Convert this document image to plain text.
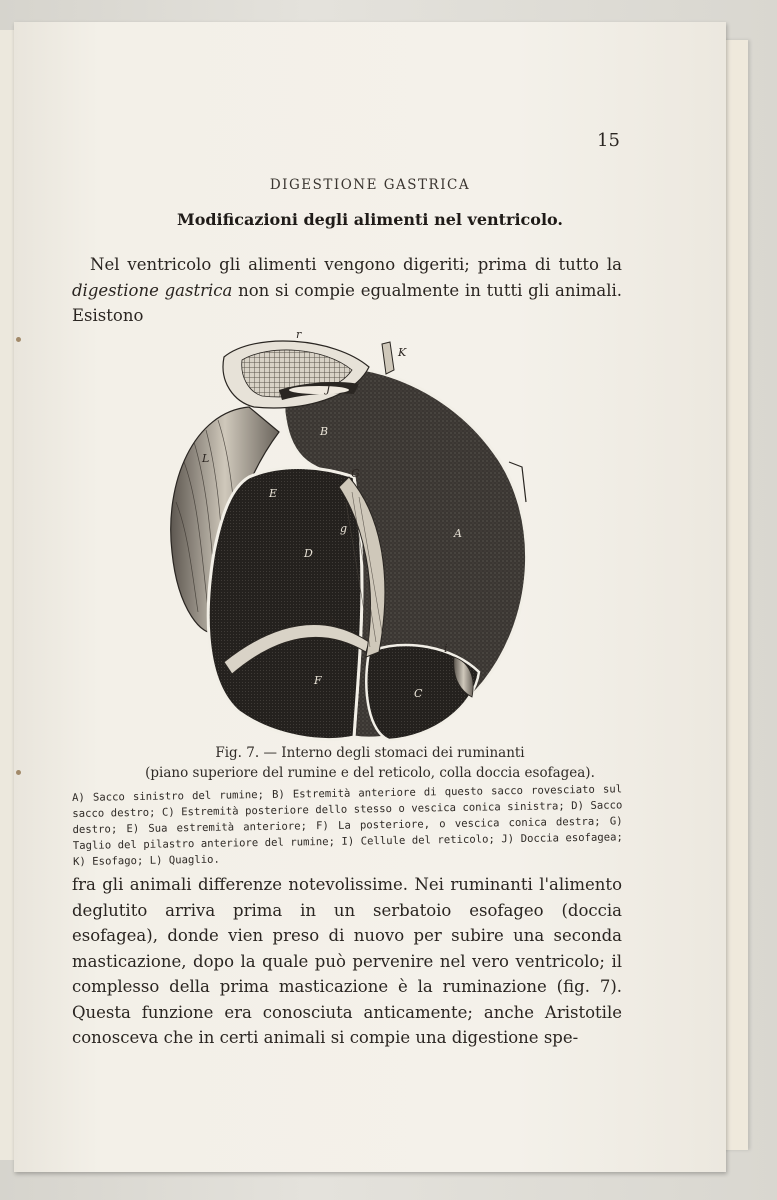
15
DIGESTIONE GASTRICA
Modificazioni degli alimenti nel ventricolo.

Nel ventricolo gli alimenti vengono digeriti; prima di tutto la digestione gastrica non si compie egualmente in tutti gli animali. Esistono

r
K
J
B
L
G
E
A
g
D
h
F
C
i
Fig. 7. — Interno degli stomaci dei ruminanti
(piano superiore del rumine e del reticolo, colla doccia esofagea).

A) Sacco sinistro del rumine; B) Estremità anteriore di questo sacco rovesciato sul sacco destro; C) Estremità posteriore dello stesso o vescica conica sinistra; D) Sacco destro; E) Sua estremità anteriore; F) La posteriore, o vescica conica destra; G) Taglio del pilastro anteriore del rumine; I) Cellule del reticolo; J) Doccia esofagea; K) Esofago; L) Quaglio.

fra gli animali differenze notevolissime. Nei ruminanti l'alimento deglutito arriva prima in un serbatoio esofageo (doccia esofagea), donde vien preso di nuovo per subire una seconda masticazione, dopo la quale può pervenire nel vero ventricolo; il complesso della prima masticazione è la ruminazione (fig. 7). Questa funzione era conosciuta anticamente; anche Aristotile conosceva che in certi animali si compie una digestione spe-
